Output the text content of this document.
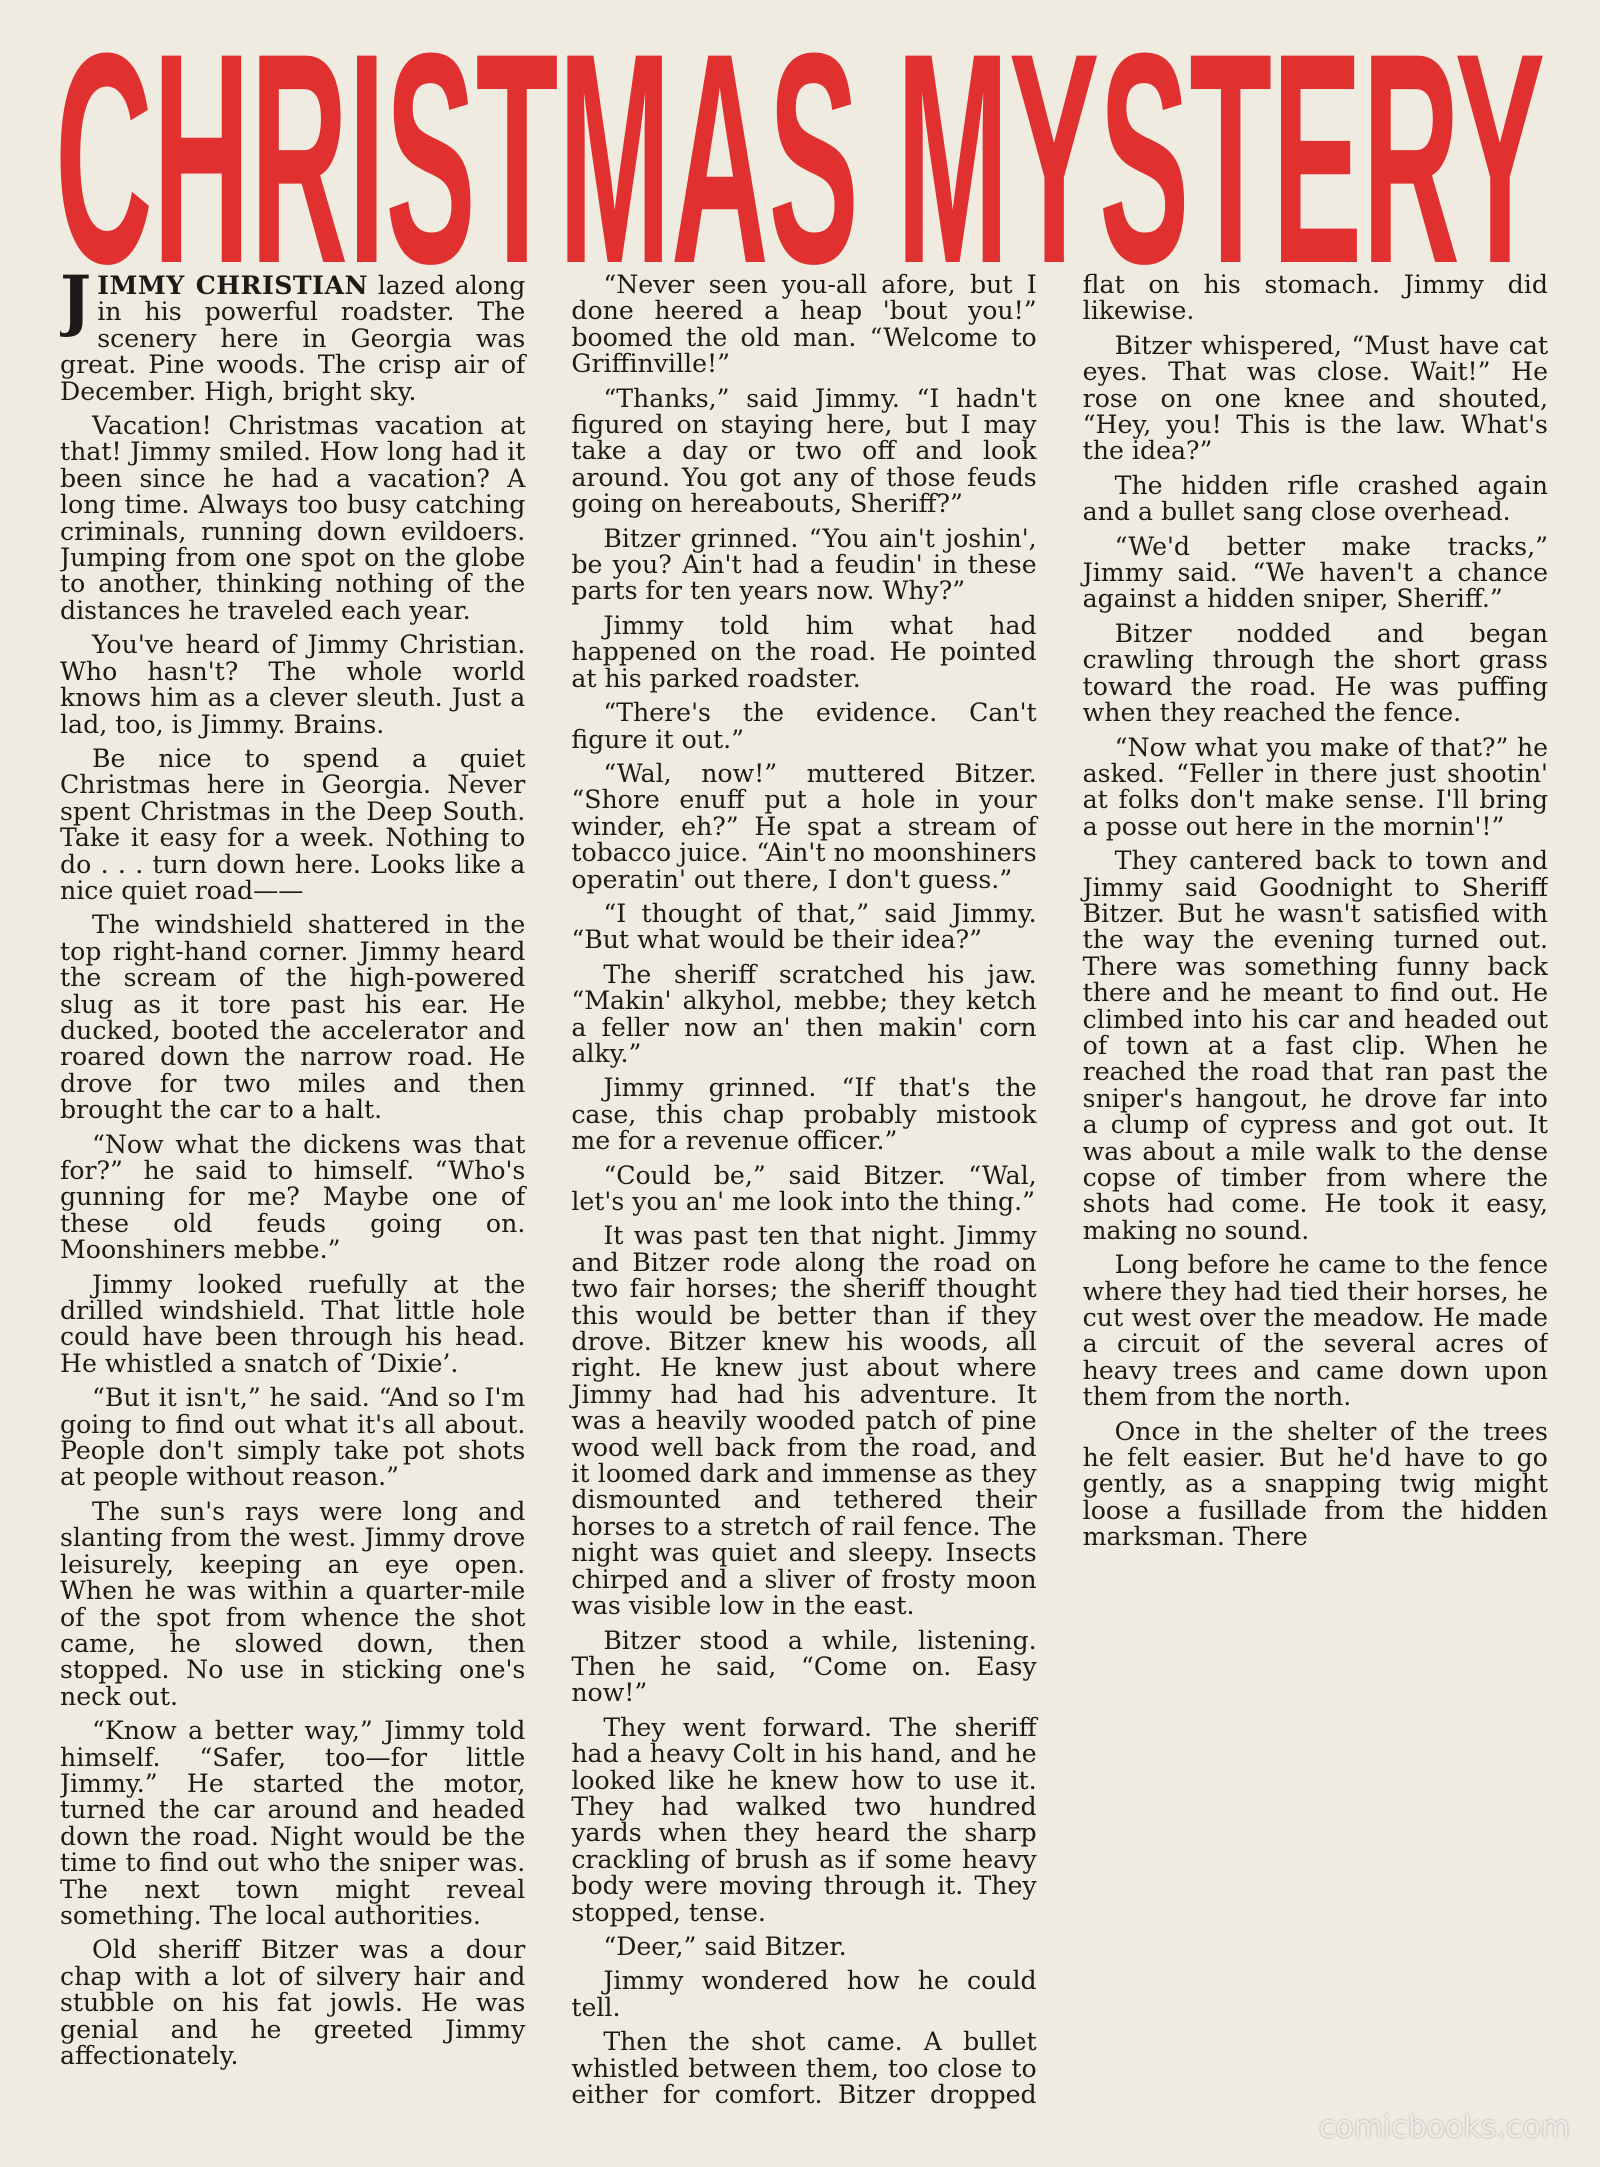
CHRISTMAS MYSTERY

JIMMY CHRISTIAN lazed along in his powerful roadster. The scenery here in Georgia was great. Pine woods. The crisp air of December. High, bright sky.

Vacation! Christmas vacation at that! Jimmy smiled. How long had it been since he had a vacation? A long time. Always too busy catching criminals, running down evildoers. Jumping from one spot on the globe to another, thinking nothing of the distances he traveled each year.

You've heard of Jimmy Christian. Who hasn't? The whole world knows him as a clever sleuth. Just a lad, too, is Jimmy. Brains.

Be nice to spend a quiet Christmas here in Georgia. Never spent Christmas in the Deep South. Take it easy for a week. Nothing to do . . . turn down here. Looks like a nice quiet road——

The windshield shattered in the top right-hand corner. Jimmy heard the scream of the high-powered slug as it tore past his ear. He ducked, booted the accelerator and roared down the narrow road. He drove for two miles and then brought the car to a halt.

“Now what the dickens was that for?” he said to himself. “Who's gunning for me? Maybe one of these old feuds going on. Moonshiners mebbe.”

Jimmy looked ruefully at the drilled windshield. That little hole could have been through his head. He whistled a snatch of ‘Dixie’.

“But it isn't,” he said. “And so I'm going to find out what it's all about. People don't simply take pot shots at people without reason.”

The sun's rays were long and slanting from the west. Jimmy drove leisurely, keeping an eye open. When he was within a quarter-mile of the spot from whence the shot came, he slowed down, then stopped. No use in sticking one's neck out.

“Know a better way,” Jimmy told himself. “Safer, too—for little Jimmy.” He started the motor, turned the car around and headed down the road. Night would be the time to find out who the sniper was. The next town might reveal something. The local authorities.

Old sheriff Bitzer was a dour chap with a lot of silvery hair and stubble on his fat jowls. He was genial and he greeted Jimmy affectionately.

“Never seen you-all afore, but I done heered a heap 'bout you!” boomed the old man. “Welcome to Griffinville!”

“Thanks,” said Jimmy. “I hadn't figured on staying here, but I may take a day or two off and look around. You got any of those feuds going on hereabouts, Sheriff?”

Bitzer grinned. “You ain't joshin', be you? Ain't had a feudin' in these parts for ten years now. Why?”

Jimmy told him what had happened on the road. He pointed at his parked roadster.

“There's the evidence. Can't figure it out.”

“Wal, now!” muttered Bitzer. “Shore enuff put a hole in your winder, eh?” He spat a stream of tobacco juice. “Ain't no moonshiners operatin' out there, I don't guess.”

“I thought of that,” said Jimmy. “But what would be their idea?”

The sheriff scratched his jaw. “Makin' alkyhol, mebbe; they ketch a feller now an' then makin' corn alky.”

Jimmy grinned. “If that's the case, this chap probably mistook me for a revenue officer.”

“Could be,” said Bitzer. “Wal, let's you an' me look into the thing.”

It was past ten that night. Jimmy and Bitzer rode along the road on two fair horses; the sheriff thought this would be better than if they drove. Bitzer knew his woods, all right. He knew just about where Jimmy had had his adventure. It was a heavily wooded patch of pine wood well back from the road, and it loomed dark and immense as they dismounted and tethered their horses to a stretch of rail fence. The night was quiet and sleepy. Insects chirped and a sliver of frosty moon was visible low in the east.

Bitzer stood a while, listening. Then he said, “Come on. Easy now!”

They went forward. The sheriff had a heavy Colt in his hand, and he looked like he knew how to use it. They had walked two hundred yards when they heard the sharp crackling of brush as if some heavy body were moving through it. They stopped, tense.

“Deer,” said Bitzer.

Jimmy wondered how he could tell.

Then the shot came. A bullet whistled between them, too close to either for comfort. Bitzer dropped flat on his stomach. Jimmy did likewise.

Bitzer whispered, “Must have cat eyes. That was close. Wait!” He rose on one knee and shouted, “Hey, you! This is the law. What's the idea?”

The hidden rifle crashed again and a bullet sang close overhead.

“We'd better make tracks,” Jimmy said. “We haven't a chance against a hidden sniper, Sheriff.”

Bitzer nodded and began crawling through the short grass toward the road. He was puffing when they reached the fence.

“Now what you make of that?” he asked. “Feller in there just shootin' at folks don't make sense. I'll bring a posse out here in the mornin'!”

They cantered back to town and Jimmy said Goodnight to Sheriff Bitzer. But he wasn't satisfied with the way the evening turned out. There was something funny back there and he meant to find out. He climbed into his car and headed out of town at a fast clip. When he reached the road that ran past the sniper's hangout, he drove far into a clump of cypress and got out. It was about a mile walk to the dense copse of timber from where the shots had come. He took it easy, making no sound.

Long before he came to the fence where they had tied their horses, he cut west over the meadow. He made a circuit of the several acres of heavy trees and came down upon them from the north.

Once in the shelter of the trees he felt easier. But he'd have to go gently, as a snapping twig might loose a fusillade from the hidden marksman. There

comicbooks.com
